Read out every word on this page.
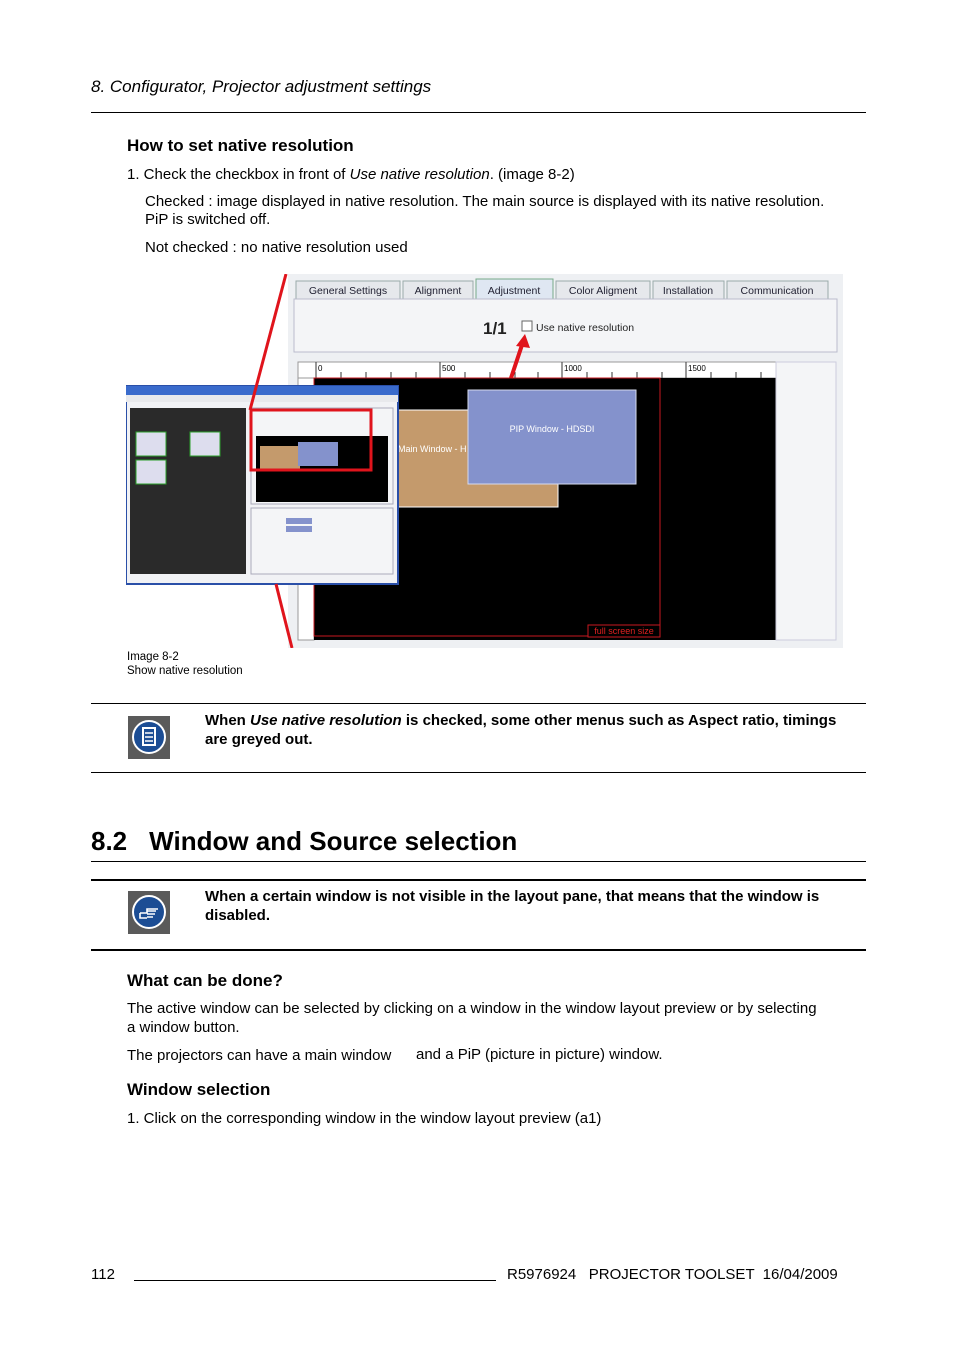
8. Configurator, Projector adjustment settings
How to set native resolution
1. Check the checkbox in front of Use native resolution. (image 8-2)
Checked : image displayed in native resolution. The main source is displayed with its native resolution.
PiP is switched off.
Not checked : no native resolution used
General Settings	Alignment	Adjustment	Color Aligment Installation	Communication
1/1	Use native resolution
0	500	1000	1500
Main Window - H
PIP Window - HDSDI
full screen size
Image 8-2
Show native resolution
When Use native resolution is checked, some other menus such as Aspect ratio, timings
are greyed out.
8.2 Window and Source selection
When a certain window is not visible in the layout pane, that means that the window is
disabled.
What can be done?
The active window can be selected by clicking on a window in the window layout preview or by selecting
a window button.
The projectors can have a main window and a PiP (picture in picture) window.
Window selection
1. Click on the corresponding window in the window layout preview (a1)
112	R5976924   PROJECTOR TOOLSET  16/04/2009
